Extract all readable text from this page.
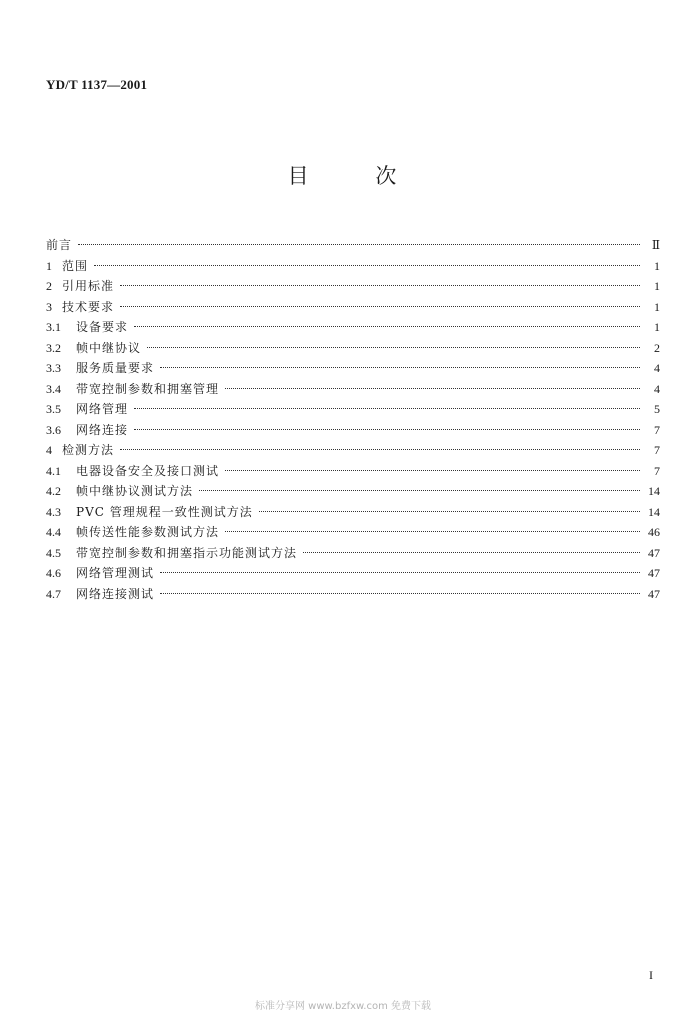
YD/T 1137—2001
目	次
前言	Ⅱ
1 范围	1
2 引用标准	1
3 技术要求	1
3.1	设备要求	1
3.2	帧中继协议	2
3.3	服务质量要求	4
3.4	带宽控制参数和拥塞管理	4
3.5	网络管理	5
3.6	网络连接	7
4 检测方法	7
4.1	电器设备安全及接口测试	7
4.2	帧中继协议测试方法	14
4.3	PVC 管理规程一致性测试方法	14
4.4	帧传送性能参数测试方法	46
4.5	带宽控制参数和拥塞指示功能测试方法	47
4.6	网络管理测试	47
4.7	网络连接测试	47
I
标准分享网 www.bzfxw.com 免费下载
